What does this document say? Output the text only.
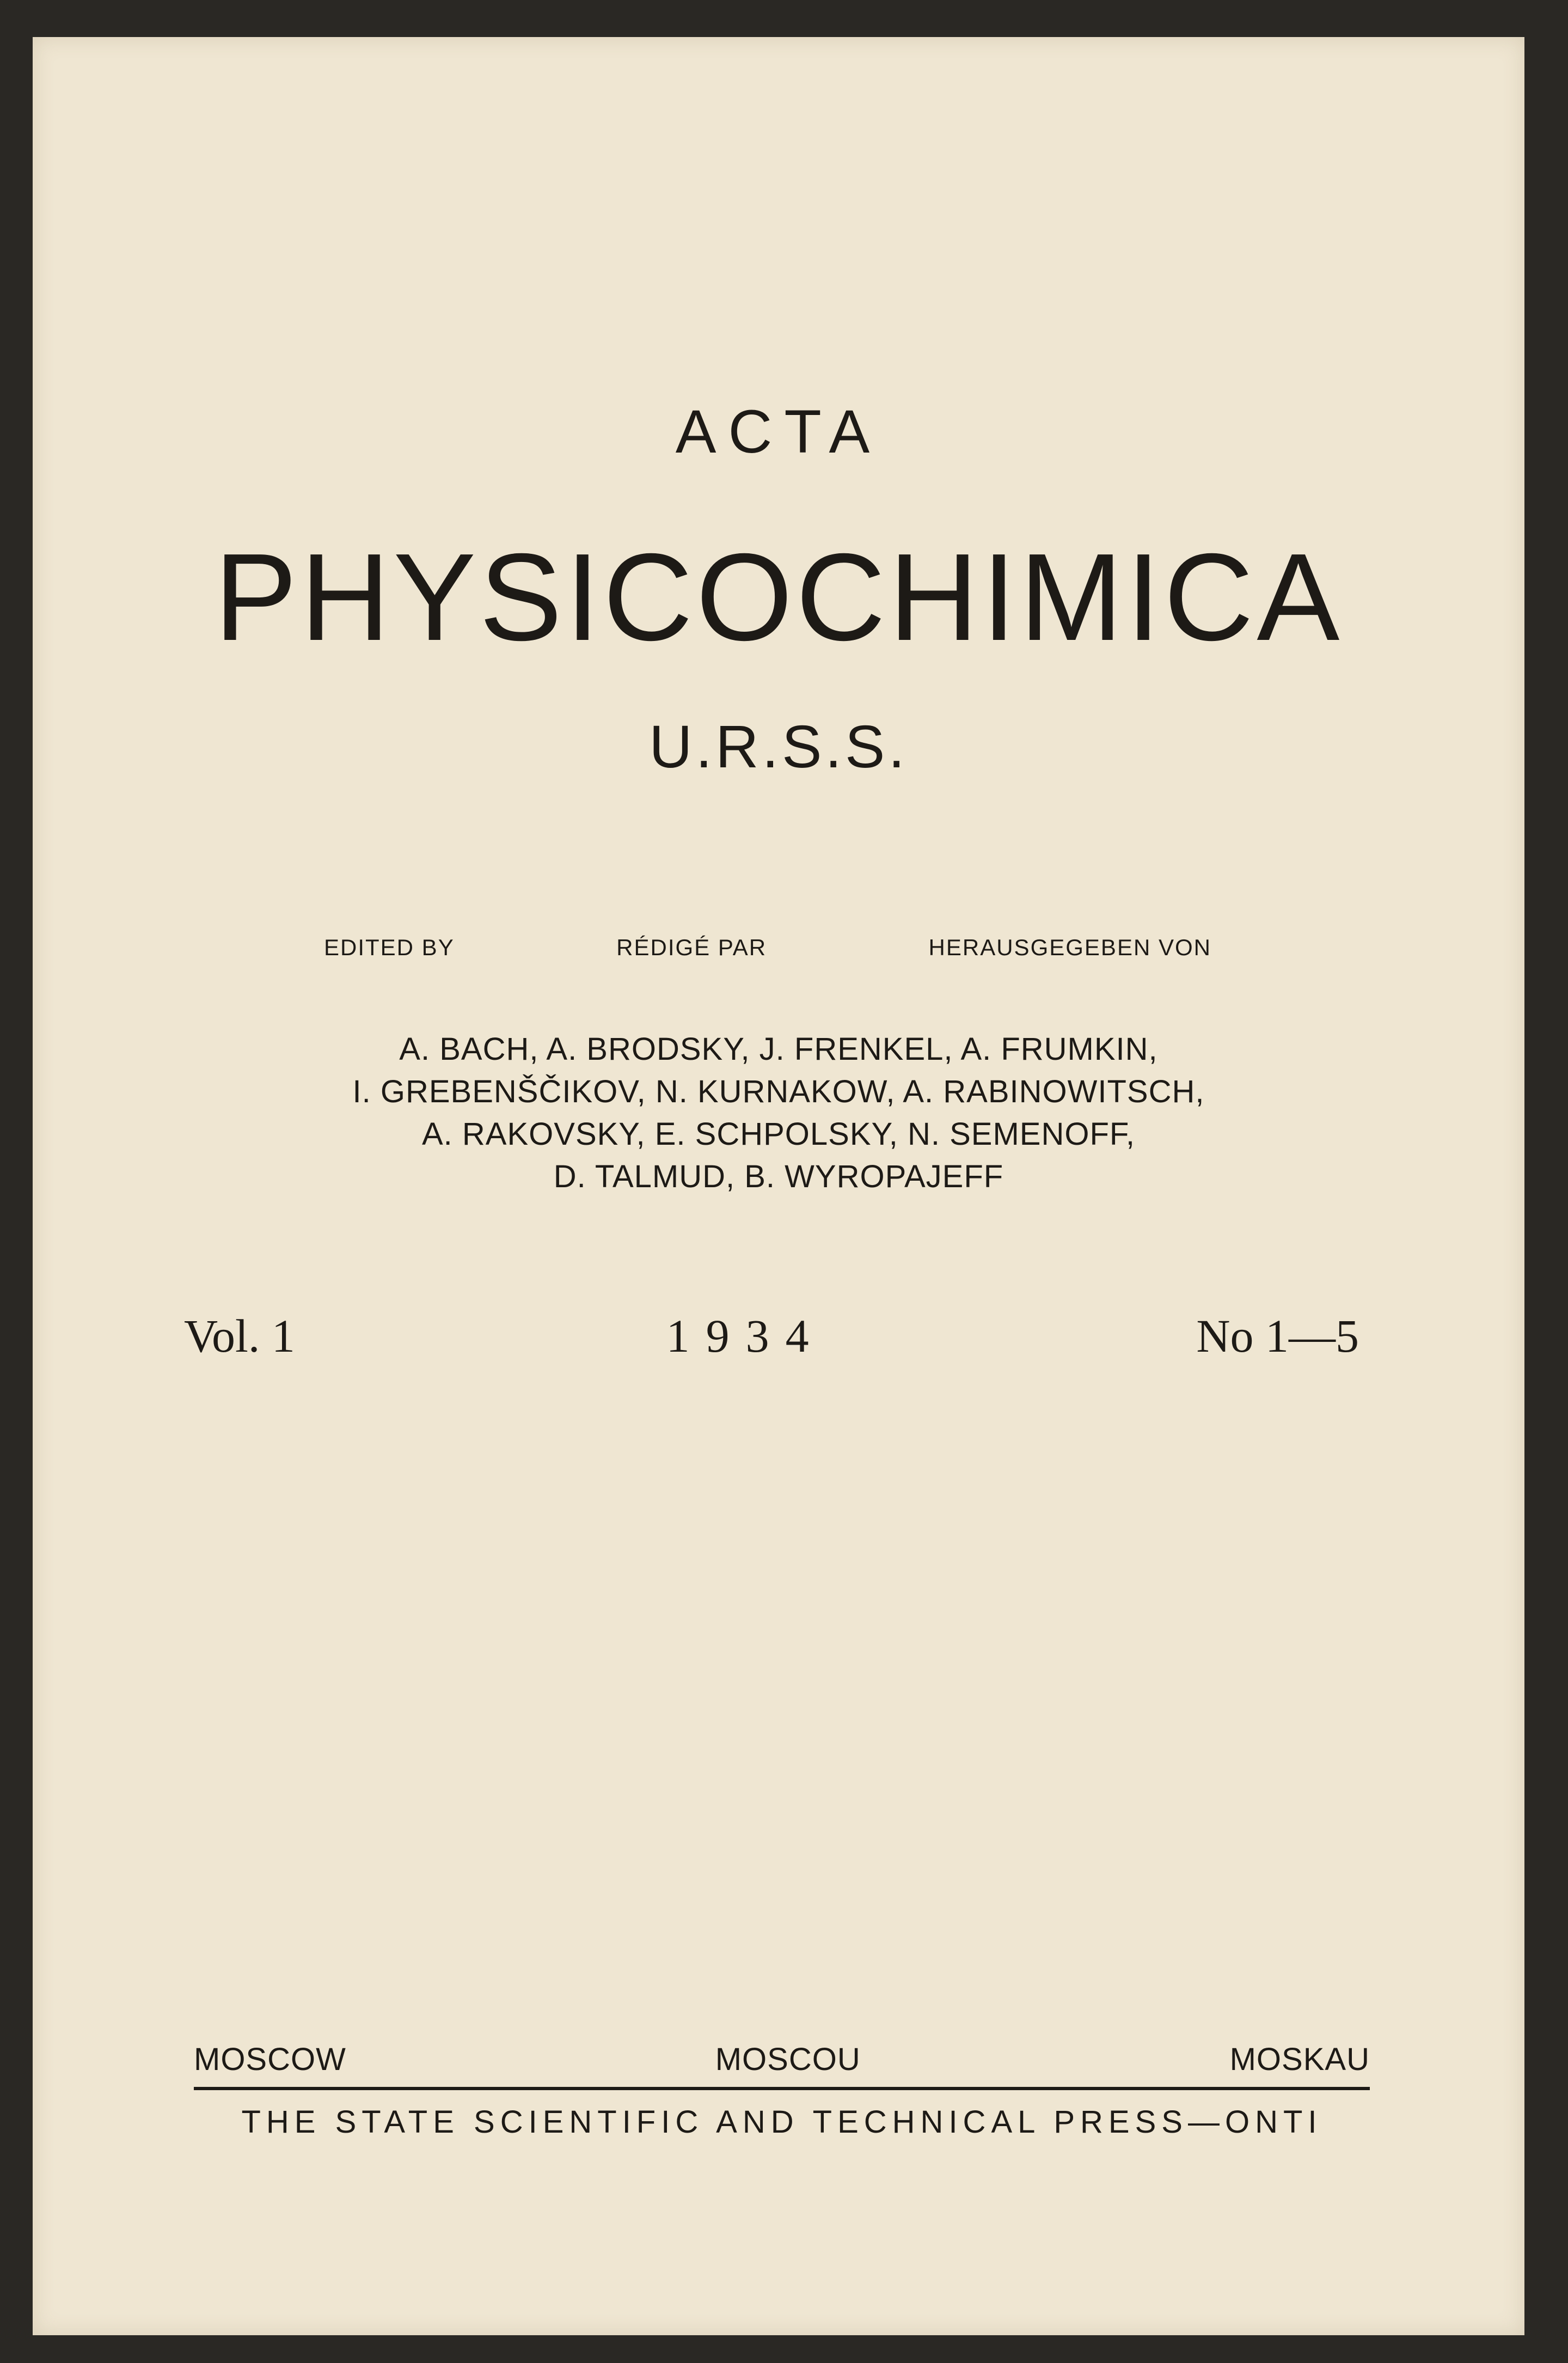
ACTA
PHYSICOCHIMICA
U.R.S.S.
EDITED BY	RÉDIGÉ PAR	HERAUSGEGEBEN VON
A. BACH, A. BRODSKY, J. FRENKEL, A. FRUMKIN,
I. GREBENŠČIKOV, N. KURNAKOW, A. RABINOWITSCH,
A. RAKOVSKY, E. SCHPOLSKY, N. SEMENOFF,
D. TALMUD, B. WYROPAJEFF
Vol. 1	1934	No 1—5
MOSCOW	MOSCOU	MOSKAU
THE STATE SCIENTIFIC AND TECHNICAL PRESS—ONTI
